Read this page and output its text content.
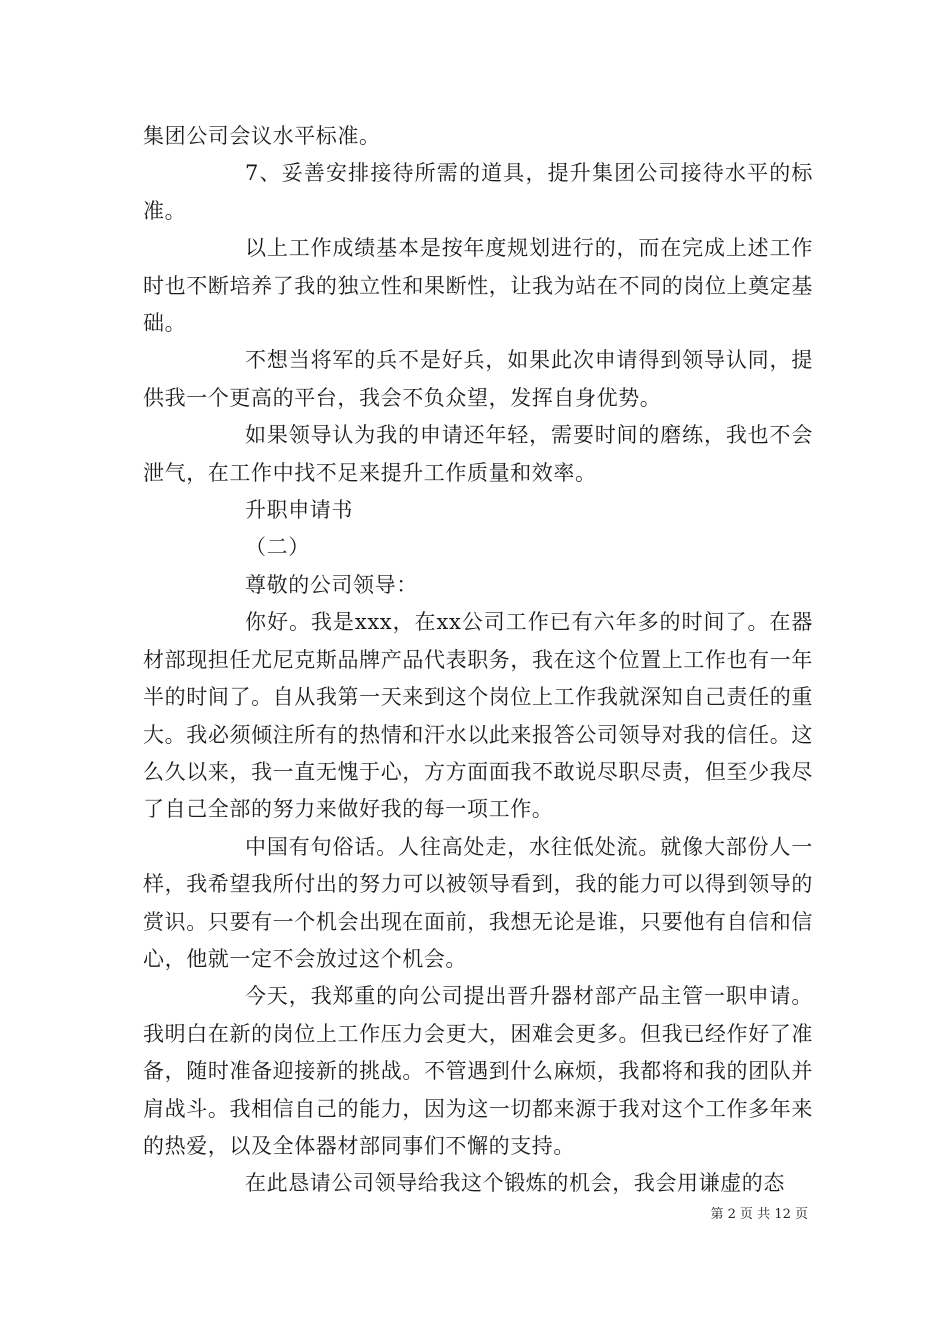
集团公司会议水平标准。

7、妥善安排接待所需的道具，提升集团公司接待水平的标准。

以上工作成绩基本是按年度规划进行的，而在完成上述工作时也不断培养了我的独立性和果断性，让我为站在不同的岗位上奠定基础。

不想当将军的兵不是好兵，如果此次申请得到领导认同，提供我一个更高的平台，我会不负众望，发挥自身优势。

如果领导认为我的申请还年轻，需要时间的磨练，我也不会泄气，在工作中找不足来提升工作质量和效率。

升职申请书

（二）

尊敬的公司领导：

你好。我是xxx，在xx公司工作已有六年多的时间了。在器材部现担任尤尼克斯品牌产品代表职务，我在这个位置上工作也有一年半的时间了。自从我第一天来到这个岗位上工作我就深知自己责任的重大。我必须倾注所有的热情和汗水以此来报答公司领导对我的信任。这么久以来，我一直无愧于心，方方面面我不敢说尽职尽责，但至少我尽了自己全部的努力来做好我的每一项工作。

中国有句俗话。人往高处走，水往低处流。就像大部份人一样，我希望我所付出的努力可以被领导看到，我的能力可以得到领导的赏识。只要有一个机会出现在面前，我想无论是谁，只要他有自信和信心，他就一定不会放过这个机会。

今天，我郑重的向公司提出晋升器材部产品主管一职申请。我明白在新的岗位上工作压力会更大，困难会更多。但我已经作好了准备，随时准备迎接新的挑战。不管遇到什么麻烦，我都将和我的团队并肩战斗。我相信自己的能力，因为这一切都来源于我对这个工作多年来的热爱，以及全体器材部同事们不懈的支持。

在此恳请公司领导给我这个锻炼的机会，我会用谦虚的态

第 2 页 共 12 页
